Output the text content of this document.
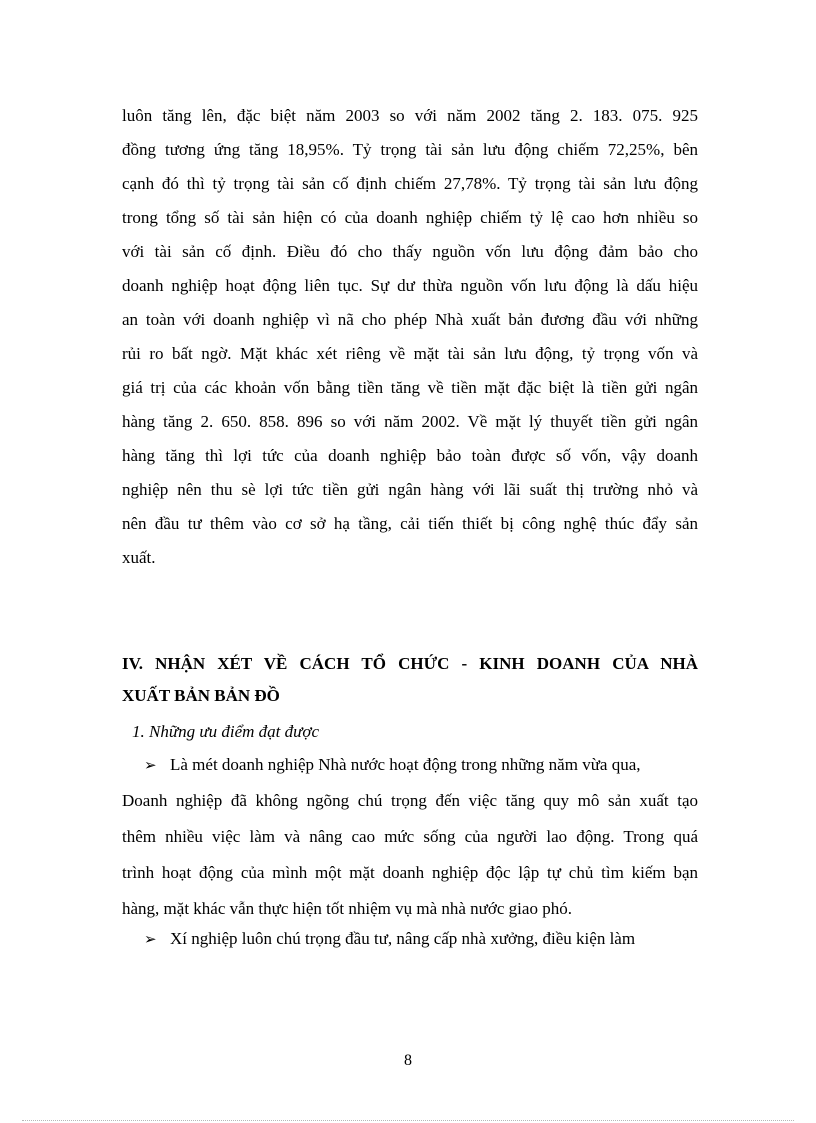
luôn tăng lên, đặc biệt năm 2003 so với năm 2002 tăng 2. 183. 075. 925
đồng tương ứng tăng 18,95%. Tỷ trọng tài sản lưu động chiếm 72,25%, bên
cạnh đó thì tỷ trọng tài sản cố định chiếm 27,78%. Tỷ trọng tài sản lưu động
trong tổng số tài sản hiện có của doanh nghiệp chiếm tỷ lệ cao hơn nhiều so
với tài sản cố định. Điều đó cho thấy nguồn vốn lưu động đảm bảo cho
doanh nghiệp hoạt động liên tục. Sự dư thừa nguồn vốn lưu động là dấu hiệu
an toàn với doanh nghiệp vì nã cho phép Nhà xuất bản đương đầu với những
rủi ro bất ngờ. Mặt khác xét riêng về mặt tài sản lưu động, tỷ trọng vốn và
giá trị của các khoản vốn bằng tiền tăng về tiền mặt đặc biệt là tiền gửi ngân
hàng tăng 2. 650. 858. 896 so với năm 2002. Về mặt lý thuyết tiền gửi ngân
hàng tăng thì lợi tức của doanh nghiệp bảo toàn được số vốn, vậy doanh
nghiệp nên thu sè lợi tức tiền gửi ngân hàng với lãi suất thị trường nhỏ và
nên đầu tư thêm vào cơ sở hạ tầng, cải tiến thiết bị công nghệ thúc đẩy sản
xuất.
IV. NHẬN XÉT VỀ CÁCH TỔ CHỨC - KINH DOANH CỦA NHÀ
XUẤT BẢN BẢN ĐỒ
1. Những ưu điểm đạt được
➢ Là mét doanh nghiệp Nhà nước hoạt động trong những năm vừa qua,
Doanh nghiệp đã không ngõng chú trọng đến việc tăng quy mô sản xuất tạo
thêm nhiều việc làm và nâng cao mức sống của người lao động. Trong quá
trình hoạt động của mình một mặt doanh nghiệp độc lập tự chủ tìm kiếm bạn
hàng, mặt khác vẫn thực hiện tốt nhiệm vụ mà nhà nước giao phó.
➢ Xí nghiệp luôn chú trọng đầu tư, nâng cấp nhà xưởng, điều kiện làm
8
